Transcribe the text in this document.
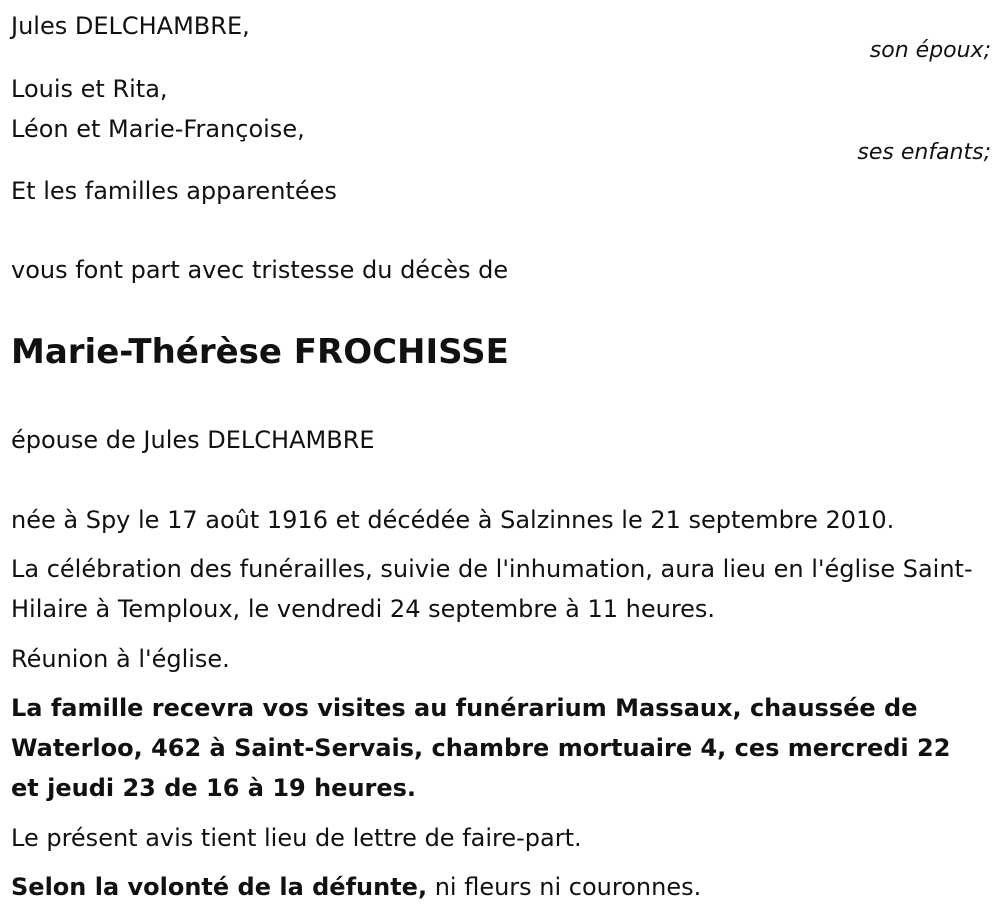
Jules DELCHAMBRE,
son époux;
Louis et Rita,
Léon et Marie-Françoise,
ses enfants;
Et les familles apparentées
vous font part avec tristesse du décès de
Marie-Thérèse FROCHISSE
épouse de Jules DELCHAMBRE
née à Spy le 17 août 1916 et décédée à Salzinnes le 21 septembre 2010.
La célébration des funérailles, suivie de l'inhumation, aura lieu en l'église Saint-Hilaire à Temploux, le vendredi 24 septembre à 11 heures.
Réunion à l'église.
La famille recevra vos visites au funérarium Massaux, chaussée de Waterloo, 462 à Saint-Servais, chambre mortuaire 4, ces mercredi 22 et jeudi 23 de 16 à 19 heures.
Le présent avis tient lieu de lettre de faire-part.
Selon la volonté de la défunte, ni fleurs ni couronnes.
